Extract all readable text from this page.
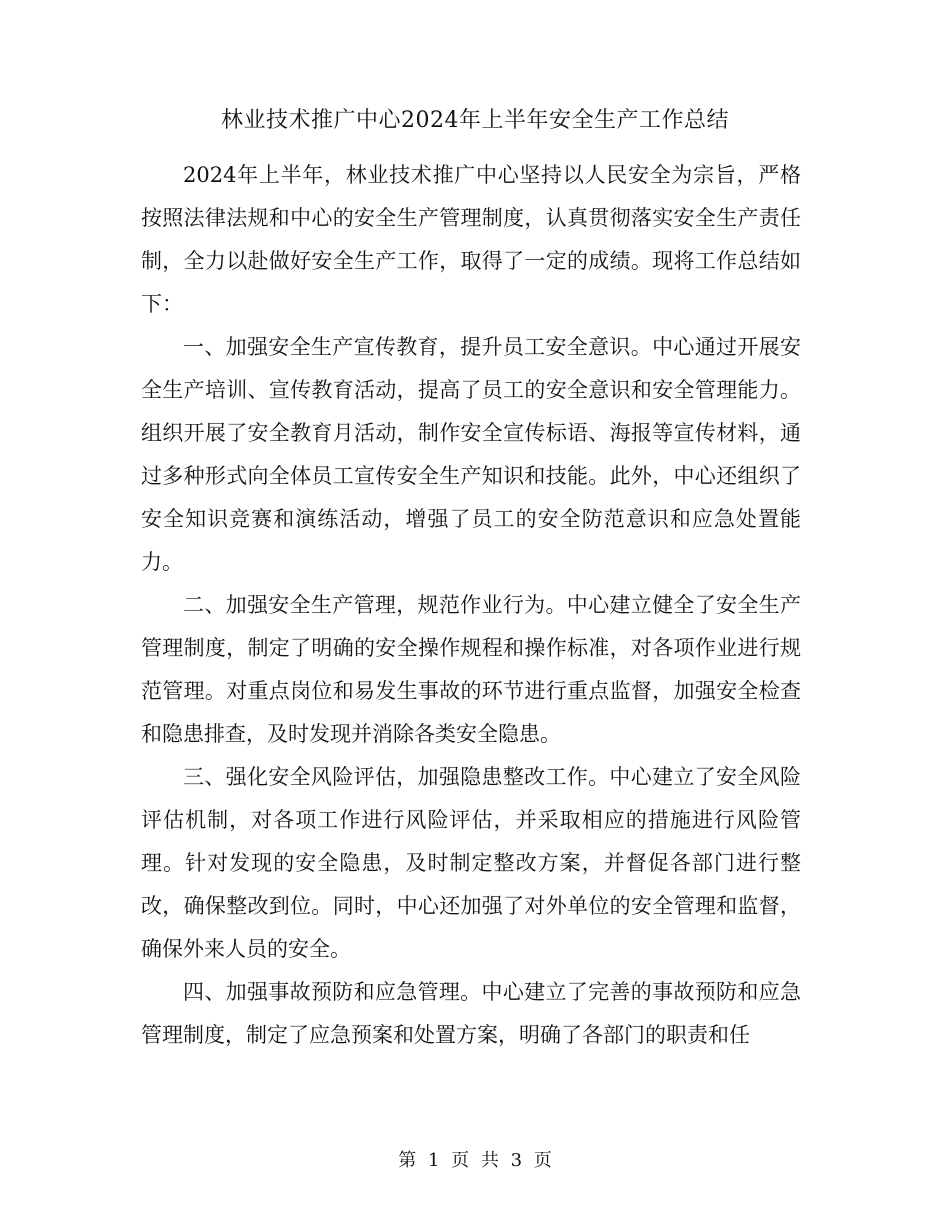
林业技术推广中心2024年上半年安全生产工作总结

2024年上半年，林业技术推广中心坚持以人民安全为宗旨，严格按照法律法规和中心的安全生产管理制度，认真贯彻落实安全生产责任制，全力以赴做好安全生产工作，取得了一定的成绩。现将工作总结如下：

一、加强安全生产宣传教育，提升员工安全意识。中心通过开展安全生产培训、宣传教育活动，提高了员工的安全意识和安全管理能力。组织开展了安全教育月活动，制作安全宣传标语、海报等宣传材料，通过多种形式向全体员工宣传安全生产知识和技能。此外，中心还组织了安全知识竞赛和演练活动，增强了员工的安全防范意识和应急处置能力。

二、加强安全生产管理，规范作业行为。中心建立健全了安全生产管理制度，制定了明确的安全操作规程和操作标准，对各项作业进行规范管理。对重点岗位和易发生事故的环节进行重点监督，加强安全检查和隐患排查，及时发现并消除各类安全隐患。

三、强化安全风险评估，加强隐患整改工作。中心建立了安全风险评估机制，对各项工作进行风险评估，并采取相应的措施进行风险管理。针对发现的安全隐患，及时制定整改方案，并督促各部门进行整改，确保整改到位。同时，中心还加强了对外单位的安全管理和监督，确保外来人员的安全。

四、加强事故预防和应急管理。中心建立了完善的事故预防和应急管理制度，制定了应急预案和处置方案，明确了各部门的职责和任

第 1 页 共 3 页
